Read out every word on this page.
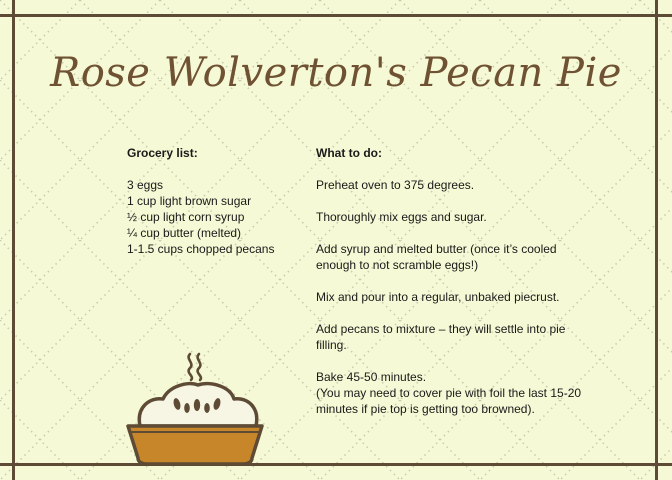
Rose Wolverton's Pecan Pie
Grocery list:
3 eggs
1 cup light brown sugar
½ cup light corn syrup
¼ cup butter (melted)
1-1.5 cups chopped pecans
What to do:
Preheat oven to 375 degrees.
Thoroughly mix eggs and sugar.
Add syrup and melted butter (once it’s cooled enough to not scramble eggs!)
Mix and pour into a regular, unbaked piecrust.
Add pecans to mixture – they will settle into pie filling.
Bake 45-50 minutes.
(You may need to cover pie with foil the last 15-20 minutes if pie top is getting too browned).
